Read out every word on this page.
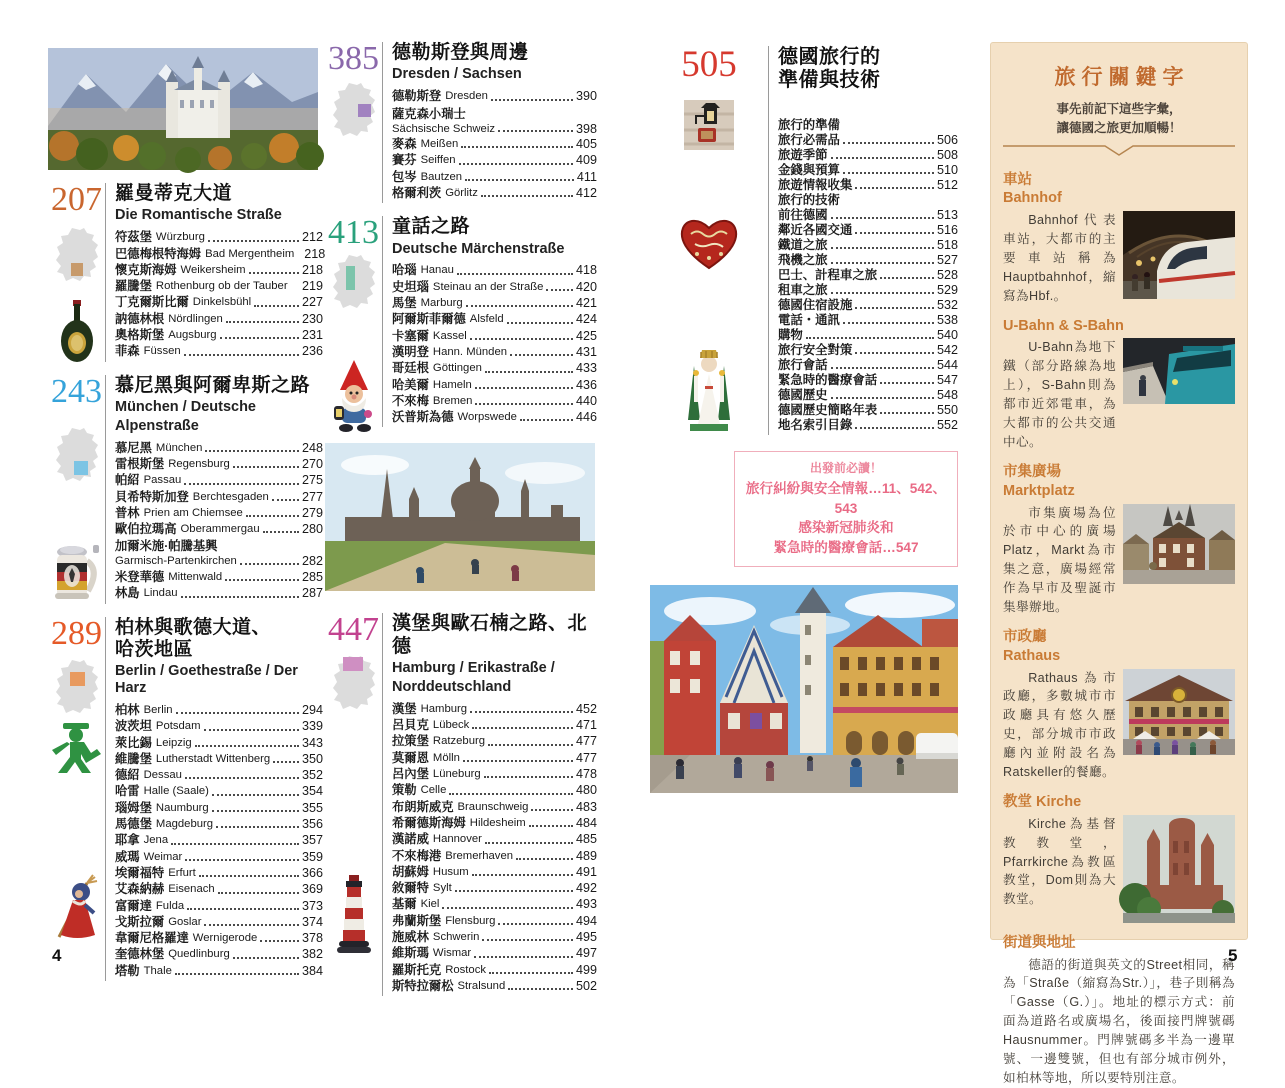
207 羅曼蒂克大道
Die Romantische Straße
符茲堡 Würzburg	212
巴德梅根特海姆 Bad Mergentheim 218
懷克斯海姆 Weikersheim	218
羅騰堡 Rothenburg ob der Tauber 219
丁克爾斯比爾 Dinkelsbühl	227
訥德林根 Nördlingen	230
奧格斯堡 Augsburg	231
菲森 Füssen	236
243 慕尼黑與阿爾卑斯之路
München / Deutsche
Alpenstraße
慕尼黑 München	248
雷根斯堡 Regensburg	270
帕紹 Passau	275
貝希特斯加登 Berchtesgaden	277
普林 Prien am Chiemsee	279
歐伯拉瑪高 Oberammergau	280
加爾米施·帕騰基興
Garmisch-Partenkirchen	282
米登華德 Mittenwald	285
林島 Lindau	287
289 柏林與歌德大道、
哈茨地區
Berlin / Goethestraße / Der Harz
柏林 Berlin	294
波茨坦 Potsdam	339
萊比錫 Leipzig	343
維騰堡 Lutherstadt Wittenberg	350
德紹 Dessau	352
哈雷 Halle (Saale)	354
瑙姆堡 Naumburg	355
馬德堡 Magdeburg	356
耶拿 Jena	357
威瑪 Weimar	359
埃爾福特 Erfurt	366
艾森納赫 Eisenach	369
富爾達 Fulda	373
戈斯拉爾 Goslar	374
韋爾尼格羅達 Wernigerode	378
奎德林堡 Quedlinburg	382
塔勒 Thale	384
385 德勒斯登與周邊
Dresden / Sachsen
德勒斯登 Dresden	390
薩克森小瑞士
Sächsische Schweiz	398
麥森 Meißen	405
賽芬 Seiffen	409
包岑 Bautzen	411
格爾利茨 Görlitz	412
413 童話之路
Deutsche Märchenstraße
哈瑙 Hanau	418
史坦瑙 Steinau an der Straße	420
馬堡 Marburg	421
阿爾斯菲爾德 Alsfeld	424
卡塞爾 Kassel	425
漢明登 Hann. Münden	431
哥廷根 Göttingen	433
哈美爾 Hameln	436
不來梅 Bremen	440
沃普斯為德 Worpswede	446
447 漢堡與歐石楠之路、北德
Hamburg / Erikastraße /
Norddeutschland
漢堡 Hamburg	452
呂貝克 Lübeck	471
拉策堡 Ratzeburg	477
莫爾恩 Mölln	477
呂內堡 Lüneburg	478
策勒 Celle	480
布朗斯威克 Braunschweig	483
希爾德斯海姆 Hildesheim	484
漢諾威 Hannover	485
不來梅港 Bremerhaven	489
胡蘇姆 Husum	491
敘爾特 Sylt	492
基爾 Kiel	493
弗蘭斯堡 Flensburg	494
施威林 Schwerin	495
維斯瑪 Wismar	497
羅斯托克 Rostock	499
斯特拉爾松 Stralsund	502
505	德國旅行的
準備與技術
旅行的準備
旅行必需品	506
旅遊季節	508
金錢與預算	510
旅遊情報收集	512
旅行的技術
前往德國	513
鄰近各國交通	516
鐵道之旅	518
飛機之旅	527
巴士、計程車之旅	528
租車之旅	529
德國住宿設施	532
電話・通訊	538
購物	540
旅行安全對策	542
旅行會話	544
緊急時的醫療會話	547
德國歷史	548
德國歷史簡略年表	550
地名索引目錄	552
出發前必讀！
旅行糾紛與安全情報…11、542、543
感染新冠肺炎和
緊急時的醫療會話…547
旅行關鍵字

事先前記下這些字彙，

讓德國之旅更加順暢！

車站
Bahnhof
Bahnhof代表車站，大都市的主要車站稱為Hauptbahnhof，縮寫為Hbf.。
U-Bahn & S-Bahn
U-Bahn為地下鐵（部分路線為地上），S-Bahn則為都市近郊電車，為大都市的公共交通中心。
市集廣場
Marktplatz
市集廣場為位於市中心的廣場Platz，Markt為市集之意，廣場經常作為早市及聖誕市集舉辦地。
市政廳
Rathaus
Rathaus為市政廳，多數城市市政廳具有悠久歷史，部分城市市政廳內並附設名為Ratskeller的餐廳。
教堂 Kirche
Kirche為基督教教堂，Pfarrkirche為教區教堂，Dom則為大教堂。
街道與地址
德語的街道與英文的Street相同，稱為「Straße（縮寫為Str.）」，巷子則稱為「Gasse（G.）」。地址的標示方式：前面為道路名或廣場名，後面接門牌號碼Hausnummer。門牌號碼多半為一邊單號、一邊雙號，但也有部分城市例外，如柏林等地，所以要特別注意。
4	5
